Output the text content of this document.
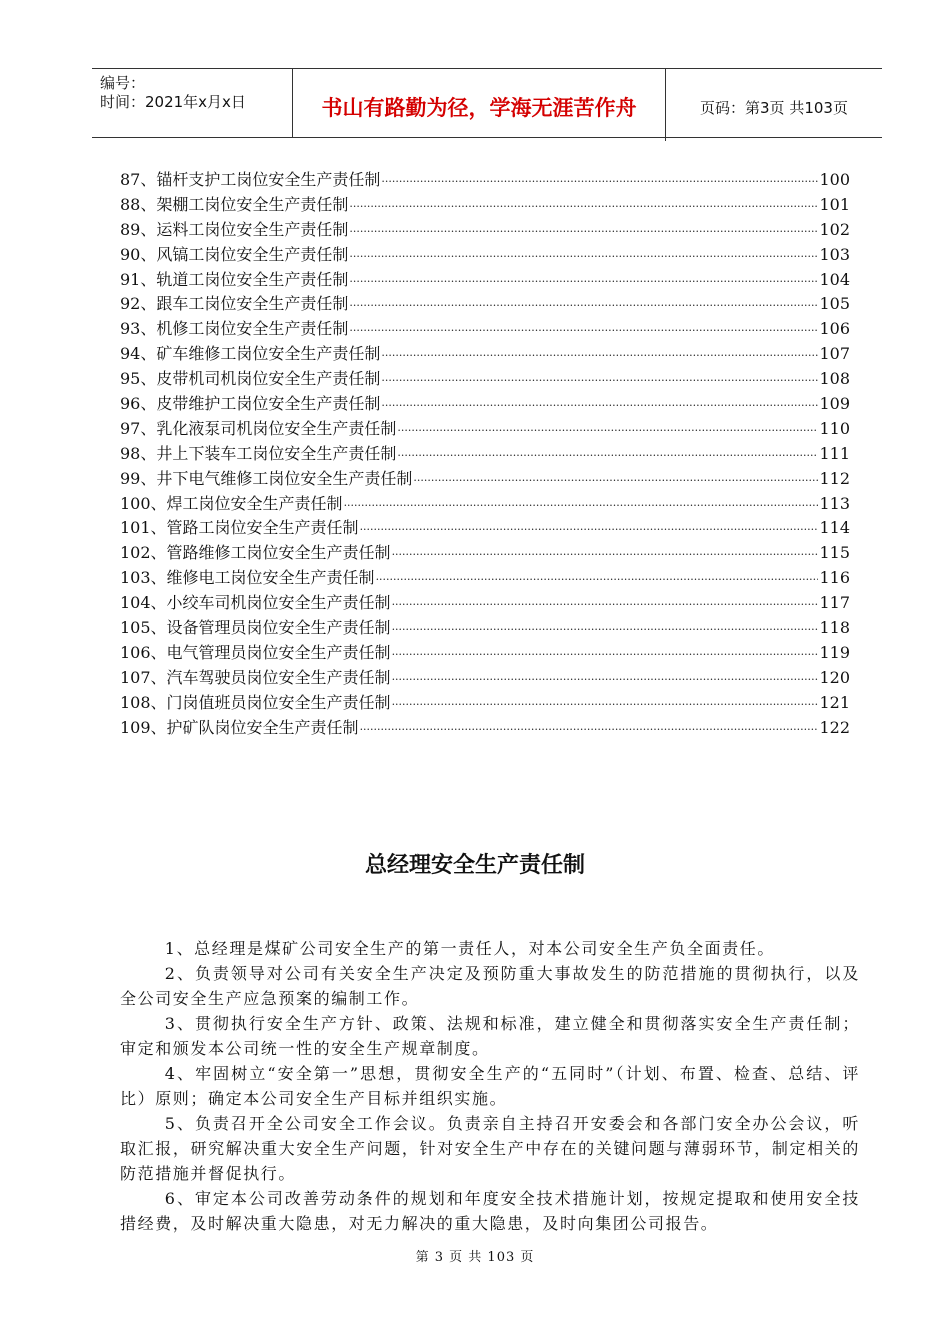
编号：
时间：2021年x月x日	书山有路勤为径，学海无涯苦作舟	页码：第3页 共103页
87、 锚杆支护工岗位安全生产责任制 ·····	100
88、 架棚工岗位安全生产责任制 ·····	101
89、 运料工岗位安全生产责任制 ·····	102
90、 风镐工岗位安全生产责任制 ·····	103
91、 轨道工岗位安全生产责任制 ·····	104
92、 跟车工岗位安全生产责任制 ·····	105
93、 机修工岗位安全生产责任制 ·····	106
94、 矿车维修工岗位安全生产责任制 ·····	107
95、 皮带机司机岗位安全生产责任制 ·····	108
96、 皮带维护工岗位安全生产责任制 ·····	109
97、 乳化液泵司机岗位安全生产责任制 ·····	110
98、 井上下装车工岗位安全生产责任制 ·····	111
99、 井下电气维修工岗位安全生产责任制 ·····	112
100、 焊工岗位安全生产责任制 ·····	113
101、 管路工岗位安全生产责任制 ·····	114
102、 管路维修工岗位安全生产责任制 ·····	115
103、 维修电工岗位安全生产责任制 ·····	116
104、 小绞车司机岗位安全生产责任制 ·····	117
105、 设备管理员岗位安全生产责任制 ·····	118
106、 电气管理员岗位安全生产责任制 ·····	119
107、 汽车驾驶员岗位安全生产责任制 ·····	120
108、 门岗值班员岗位安全生产责任制 ·····	121
109、 护矿队岗位安全生产责任制 ·····	122
总经理安全生产责任制

1、总经理是煤矿公司安全生产的第一责任人，对本公司安全生产负全面责任。

2、负责领导对公司有关安全生产决定及预防重大事故发生的防范措施的贯彻执行，以及全公司安全生产应急预案的编制工作。

3、贯彻执行安全生产方针、政策、法规和标准，建立健全和贯彻落实安全生产责任制；审定和颁发本公司统一性的安全生产规章制度。

4、牢固树立“安全第一”思想，贯彻安全生产的“五同时”（计划、布置、检查、总结、评比）原则；确定本公司安全生产目标并组织实施。

5、负责召开全公司安全工作会议。负责亲自主持召开安委会和各部门安全办公会议，听取汇报，研究解决重大安全生产问题，针对安全生产中存在的关键问题与薄弱环节，制定相关的防范措施并督促执行。

6、审定本公司改善劳动条件的规划和年度安全技术措施计划，按规定提取和使用安全技措经费，及时解决重大隐患，对无力解决的重大隐患，及时向集团公司报告。

第 3 页 共 103 页
